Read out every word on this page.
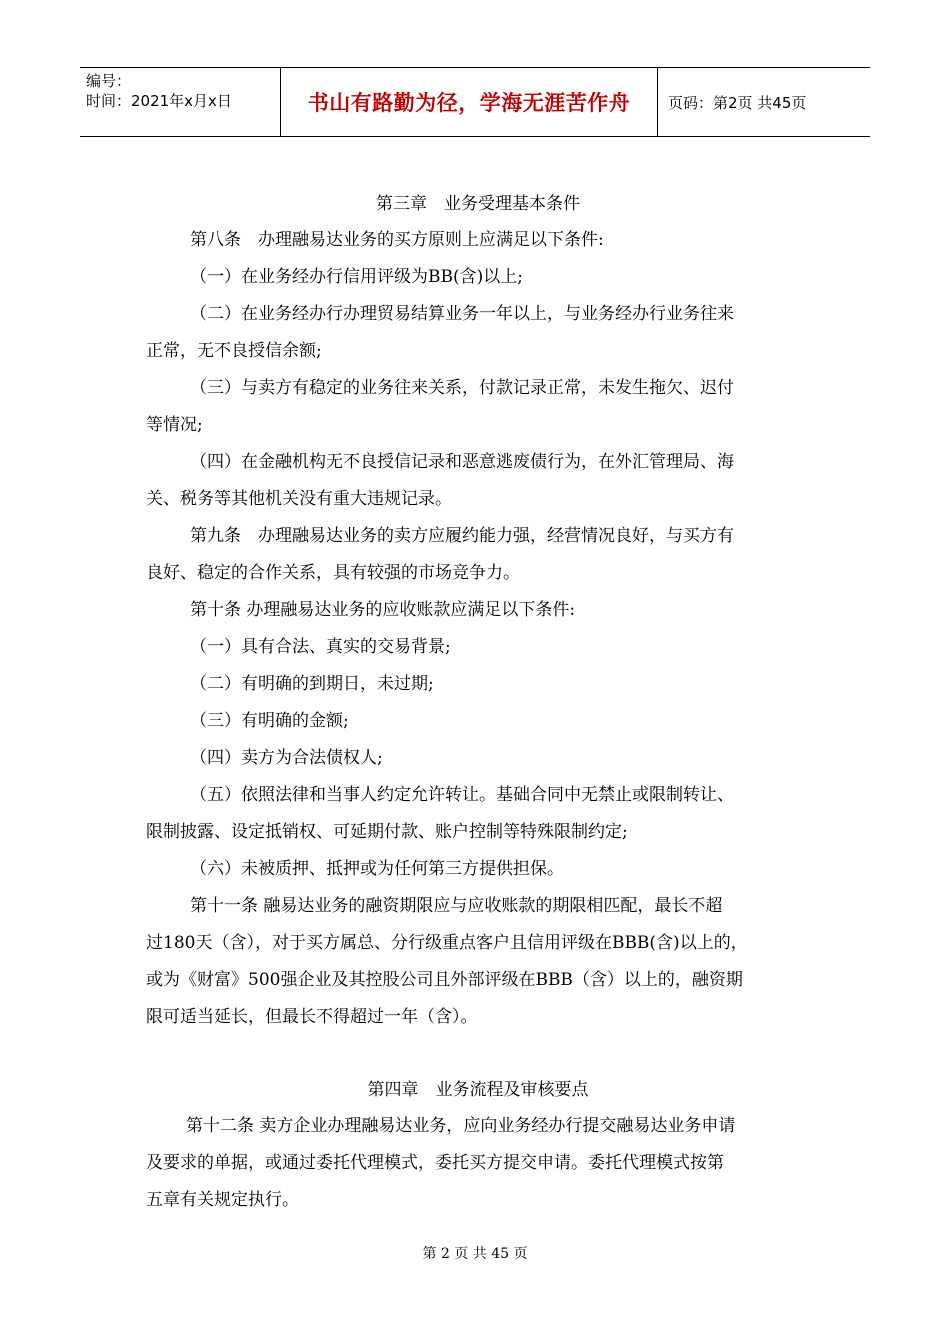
编号：
时间：2021年x月x日	书山有路勤为径，学海无涯苦作舟	页码：第2页 共45页
第三章　业务受理基本条件
第八条　办理融易达业务的买方原则上应满足以下条件:
（一）在业务经办行信用评级为BB(含)以上;
（二）在业务经办行办理贸易结算业务一年以上，与业务经办行业务往来
正常，无不良授信余额;
（三）与卖方有稳定的业务往来关系，付款记录正常，未发生拖欠、迟付
等情况;
（四）在金融机构无不良授信记录和恶意逃废债行为，在外汇管理局、海
关、税务等其他机关没有重大违规记录。
第九条　办理融易达业务的卖方应履约能力强，经营情况良好，与买方有
良好、稳定的合作关系，具有较强的市场竞争力。
第十条 办理融易达业务的应收账款应满足以下条件:
（一）具有合法、真实的交易背景;
（二）有明确的到期日，未过期;
（三）有明确的金额;
（四）卖方为合法债权人;
（五）依照法律和当事人约定允许转让。基础合同中无禁止或限制转让、
限制披露、设定抵销权、可延期付款、账户控制等特殊限制约定;
（六）未被质押、抵押或为任何第三方提供担保。
第十一条 融易达业务的融资期限应与应收账款的期限相匹配，最长不超
过180天（含），对于买方属总、分行级重点客户且信用评级在BBB(含)以上的，
或为《财富》500强企业及其控股公司且外部评级在BBB（含）以上的，融资期
限可适当延长，但最长不得超过一年（含）。
第四章　业务流程及审核要点
第十二条 卖方企业办理融易达业务，应向业务经办行提交融易达业务申请
及要求的单据，或通过委托代理模式，委托买方提交申请。委托代理模式按第
五章有关规定执行。
第 2 页 共 45 页
